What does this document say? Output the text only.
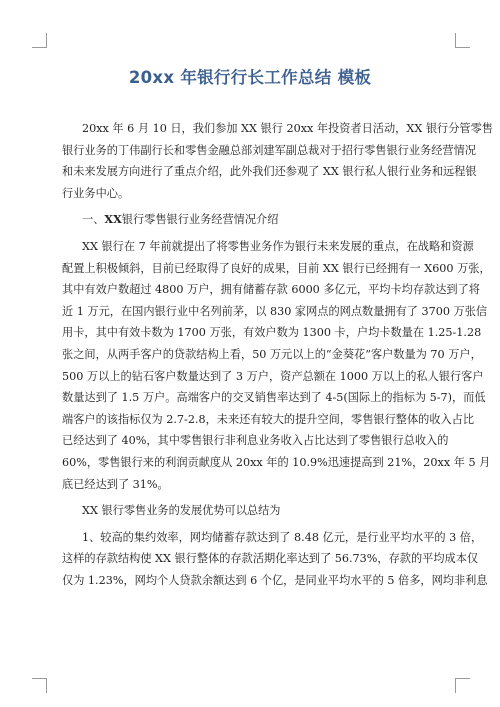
20xx 年银行行长工作总结 模板
20xx 年 6 月 10 日，我们参加 XX 银行 20xx 年投资者日活动，XX 银行分管零售
银行业务的丁伟副行长和零售金融总部刘建军副总裁对于招行零售银行业务经营情况
和未来发展方向进行了重点介绍，此外我们还参观了 XX 银行私人银行业务和远程银
行业务中心。
一、XX银行零售银行业务经营情况介绍
XX 银行在 7 年前就提出了将零售业务作为银行未来发展的重点，在战略和资源
配置上积极倾斜，目前已经取得了良好的成果，目前 XX 银行已经拥有一 X600 万张，
其中有效户数超过 4800 万户，拥有储蓄存款 6000 多亿元，平均卡均存款达到了将
近 1 万元，在国内银行业中名列前茅，以 830 家网点的网点数量拥有了 3700 万张信
用卡，其中有效卡数为 1700 万张，有效户数为 1300 卡，户均卡数量在 1.25-1.28
张之间，从两手客户的贷款结构上看，50 万元以上的“金葵花”客户数量为 70 万户，
500 万以上的钻石客户数量达到了 3 万户，资产总额在 1000 万以上的私人银行客户
数量达到了 1.5 万户。高端客户的交叉销售率达到了 4-5(国际上的指标为 5-7)，而低
端客户的该指标仅为 2.7-2.8，未来还有较大的提升空间，零售银行整体的收入占比
已经达到了 40%，其中零售银行非利息业务收入占比达到了零售银行总收入的
60%，零售银行来的利润贡献度从 20xx 年的 10.9%迅速提高到 21%，20xx 年 5 月
底已经达到了 31%。
XX 银行零售业务的发展优势可以总结为
1、较高的集约效率，网均储蓄存款达到了 8.48 亿元，是行业平均水平的 3 倍，
这样的存款结构使 XX 银行整体的存款活期化率达到了 56.73%，存款的平均成本仅
仅为 1.23%，网均个人贷款余额达到 6 个亿，是同业平均水平的 5 倍多，网均非利息
